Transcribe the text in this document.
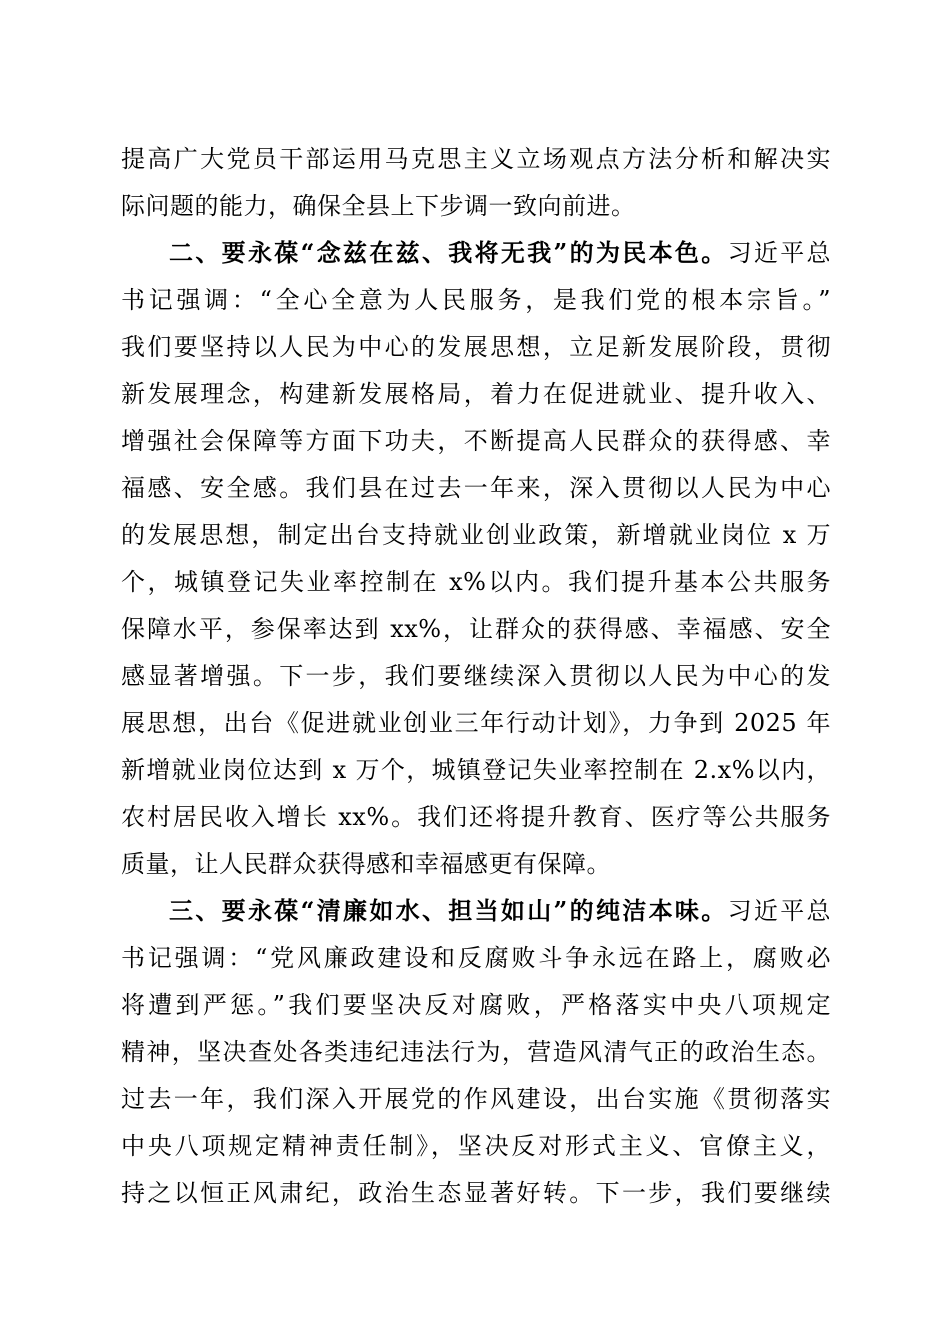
提高广大党员干部运用马克思主义立场观点方法分析和解决实
际问题的能力，确保全县上下步调一致向前进。
二、要永葆“念兹在兹、我将无我”的为民本色。习近平总
书记强调：“全心全意为人民服务，是我们党的根本宗旨。”
我们要坚持以人民为中心的发展思想，立足新发展阶段，贯彻
新发展理念，构建新发展格局，着力在促进就业、提升收入、
增强社会保障等方面下功夫，不断提高人民群众的获得感、幸
福感、安全感。我们县在过去一年来，深入贯彻以人民为中心
的发展思想，制定出台支持就业创业政策，新增就业岗位 x 万
个，城镇登记失业率控制在 x%以内。我们提升基本公共服务
保障水平，参保率达到 xx%，让群众的获得感、幸福感、安全
感显著增强。下一步，我们要继续深入贯彻以人民为中心的发
展思想，出台《促进就业创业三年行动计划》，力争到 2025 年
新增就业岗位达到 x 万个，城镇登记失业率控制在 2.x%以内，
农村居民收入增长 xx%。我们还将提升教育、医疗等公共服务
质量，让人民群众获得感和幸福感更有保障。
三、要永葆“清廉如水、担当如山”的纯洁本味。习近平总
书记强调：“党风廉政建设和反腐败斗争永远在路上，腐败必
将遭到严惩。”我们要坚决反对腐败，严格落实中央八项规定
精神，坚决查处各类违纪违法行为，营造风清气正的政治生态。
过去一年，我们深入开展党的作风建设，出台实施《贯彻落实
中央八项规定精神责任制》，坚决反对形式主义、官僚主义，
持之以恒正风肃纪，政治生态显著好转。下一步，我们要继续
